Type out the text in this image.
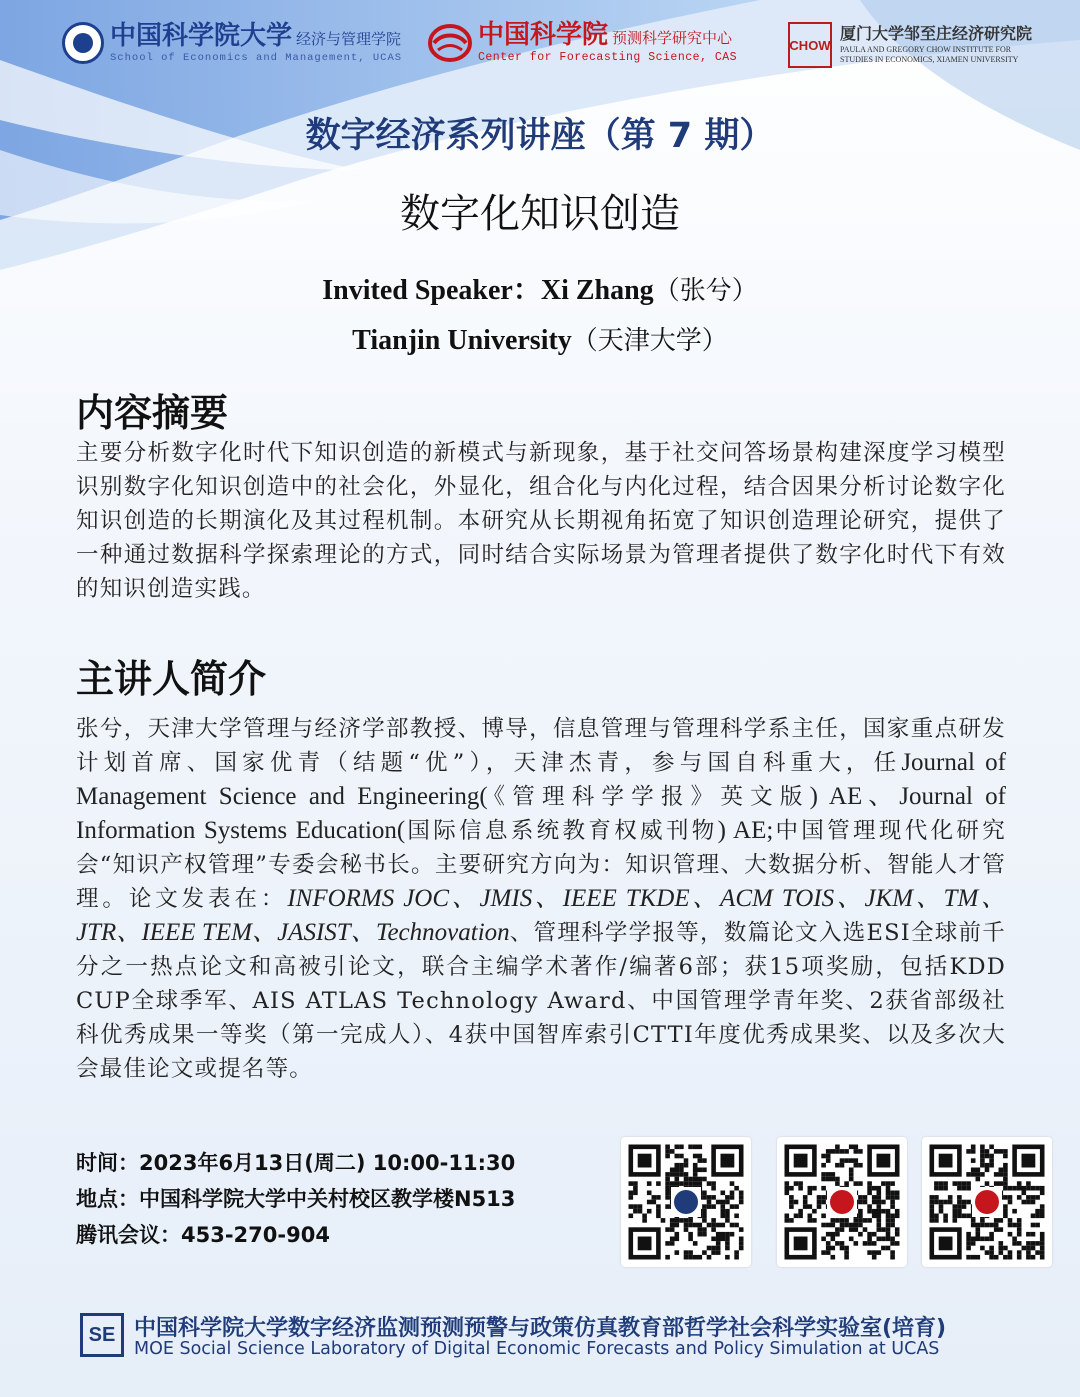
中国科学院大学 经济与管理学院
School of Economics and Management, UCAS
中国科学院 预测科学研究中心
Center for Forecasting Science, CAS
CHOW
厦门大学邹至庄经济研究院
PAULA AND GREGORY CHOW INSTITUTE FOR
STUDIES IN ECONOMICS, XIAMEN UNIVERSITY
数字经济系列讲座（第 7 期）
数字化知识创造
Invited Speaker：Xi Zhang（张兮）
Tianjin University（天津大学）
内容摘要
主要分析数字化时代下知识创造的新模式与新现象，基于社交问答场景构建深度学习模型识别数字化知识创造中的社会化，外显化，组合化与内化过程，结合因果分析讨论数字化知识创造的长期演化及其过程机制。本研究从长期视角拓宽了知识创造理论研究，提供了一种通过数据科学探索理论的方式，同时结合实际场景为管理者提供了数字化时代下有效的知识创造实践。
主讲人简介
张兮，天津大学管理与经济学部教授、博导，信息管理与管理科学系主任，国家重点研发计划首席、国家优青（结题“优”），天津杰青，参与国自科重大，任Journal of Management Science and Engineering(《管理科学学报》英文版) AE、Journal of Information Systems Education(国际信息系统教育权威刊物) AE;中国管理现代化研究会“知识产权管理”专委会秘书长。主要研究方向为：知识管理、大数据分析、智能人才管理。论文发表在：INFORMS JOC、JMIS、IEEE TKDE、ACM TOIS、JKM、TM、JTR、IEEE TEM、JASIST、Technovation、管理科学学报等，数篇论文入选ESI全球前千分之一热点论文和高被引论文，联合主编学术著作/编著6部；获15项奖励，包括KDD CUP全球季军、AIS ATLAS Technology Award、中国管理学青年奖、2获省部级社科优秀成果一等奖（第一完成人）、4获中国智库索引CTTI年度优秀成果奖、以及多次大会最佳论文或提名等。
时间：2023年6月13日(周二) 10:00-11:30
地点：中国科学院大学中关村校区教学楼N513
腾讯会议：453-270-904
SE 中国科学院大学数字经济监测预测预警与政策仿真教育部哲学社会科学实验室(培育)
MOE Social Science Laboratory of Digital Economic Forecasts and Policy Simulation at UCAS
